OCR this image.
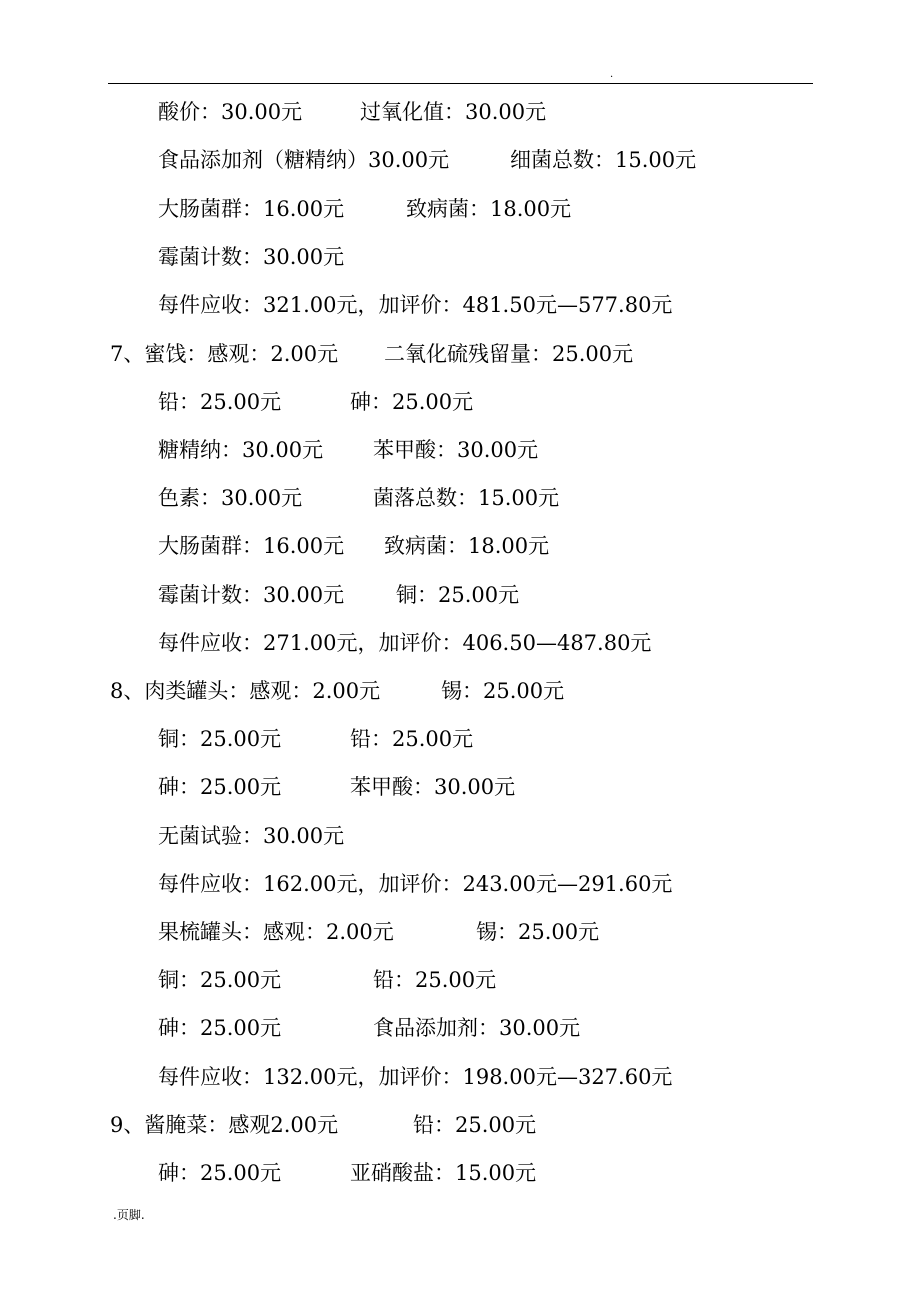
.
酸价：30.00元	过氧化值：30.00元
食品添加剂（糖精纳）30.00元	细菌总数：15.00元
大肠菌群：16.00元	致病菌：18.00元
霉菌计数：30.00元
每件应收：321.00元，加评价：481.50元—577.80元
7、蜜饯：感观：2.00元 二氧化硫残留量：25.00元
铅：25.00元	砷：25.00元
糖精纳：30.00元 苯甲酸：30.00元
色素：30.00元	菌落总数：15.00元
大肠菌群：16.00元 致病菌：18.00元
霉菌计数：30.00元 铜：25.00元
每件应收：271.00元，加评价：406.50—487.80元
8、肉类罐头：感观：2.00元	锡：25.00元
铜：25.00元	铅：25.00元
砷：25.00元	苯甲酸：30.00元
无菌试验：30.00元
每件应收：162.00元，加评价：243.00元—291.60元
果梳罐头：感观：2.00元	锡：25.00元
铜：25.00元	铅：25.00元
砷：25.00元	食品添加剂：30.00元
每件应收：132.00元，加评价：198.00元—327.60元
9、酱腌菜：感观2.00元	铅：25.00元
砷：25.00元	亚硝酸盐：15.00元
.页脚.
